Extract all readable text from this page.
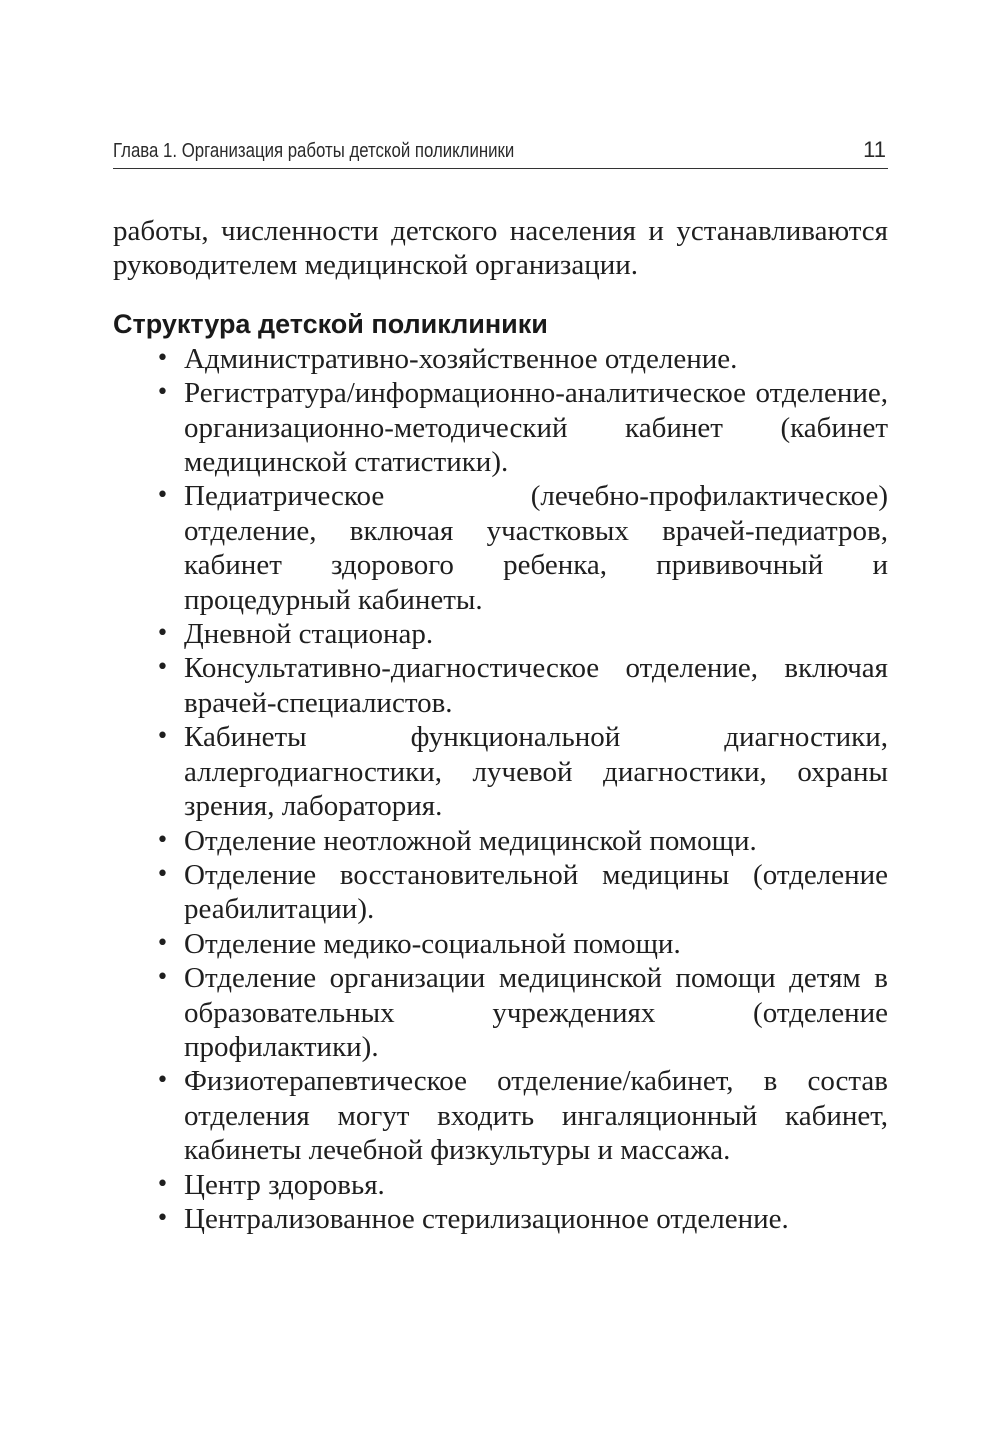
Глава 1. Организация работы детской поликлиники	11

работы, численности детского населения и устанавливаются руководителем медицинской организации.

Структура детской поликлиники
• Административно-хозяйственное отделение.
• Регистратура/информационно-аналитическое отделение, организационно-методический кабинет (кабинет медицинской статистики).
• Педиатрическое (лечебно-профилактическое) отделение, включая участковых врачей-педиатров, кабинет здорового ребенка, прививочный и процедурный кабинеты.
• Дневной стационар.
• Консультативно-диагностическое отделение, включая врачей-специалистов.
• Кабинеты функциональной диагностики, аллергодиагностики, лучевой диагностики, охраны зрения, лаборатория.
• Отделение неотложной медицинской помощи.
• Отделение восстановительной медицины (отделение реабилитации).
• Отделение медико-социальной помощи.
• Отделение организации медицинской помощи детям в образовательных учреждениях (отделение профилактики).
• Физиотерапевтическое отделение/кабинет, в состав отделения могут входить ингаляционный кабинет, кабинеты лечебной физкультуры и массажа.
• Центр здоровья.
• Централизованное стерилизационное отделение.
